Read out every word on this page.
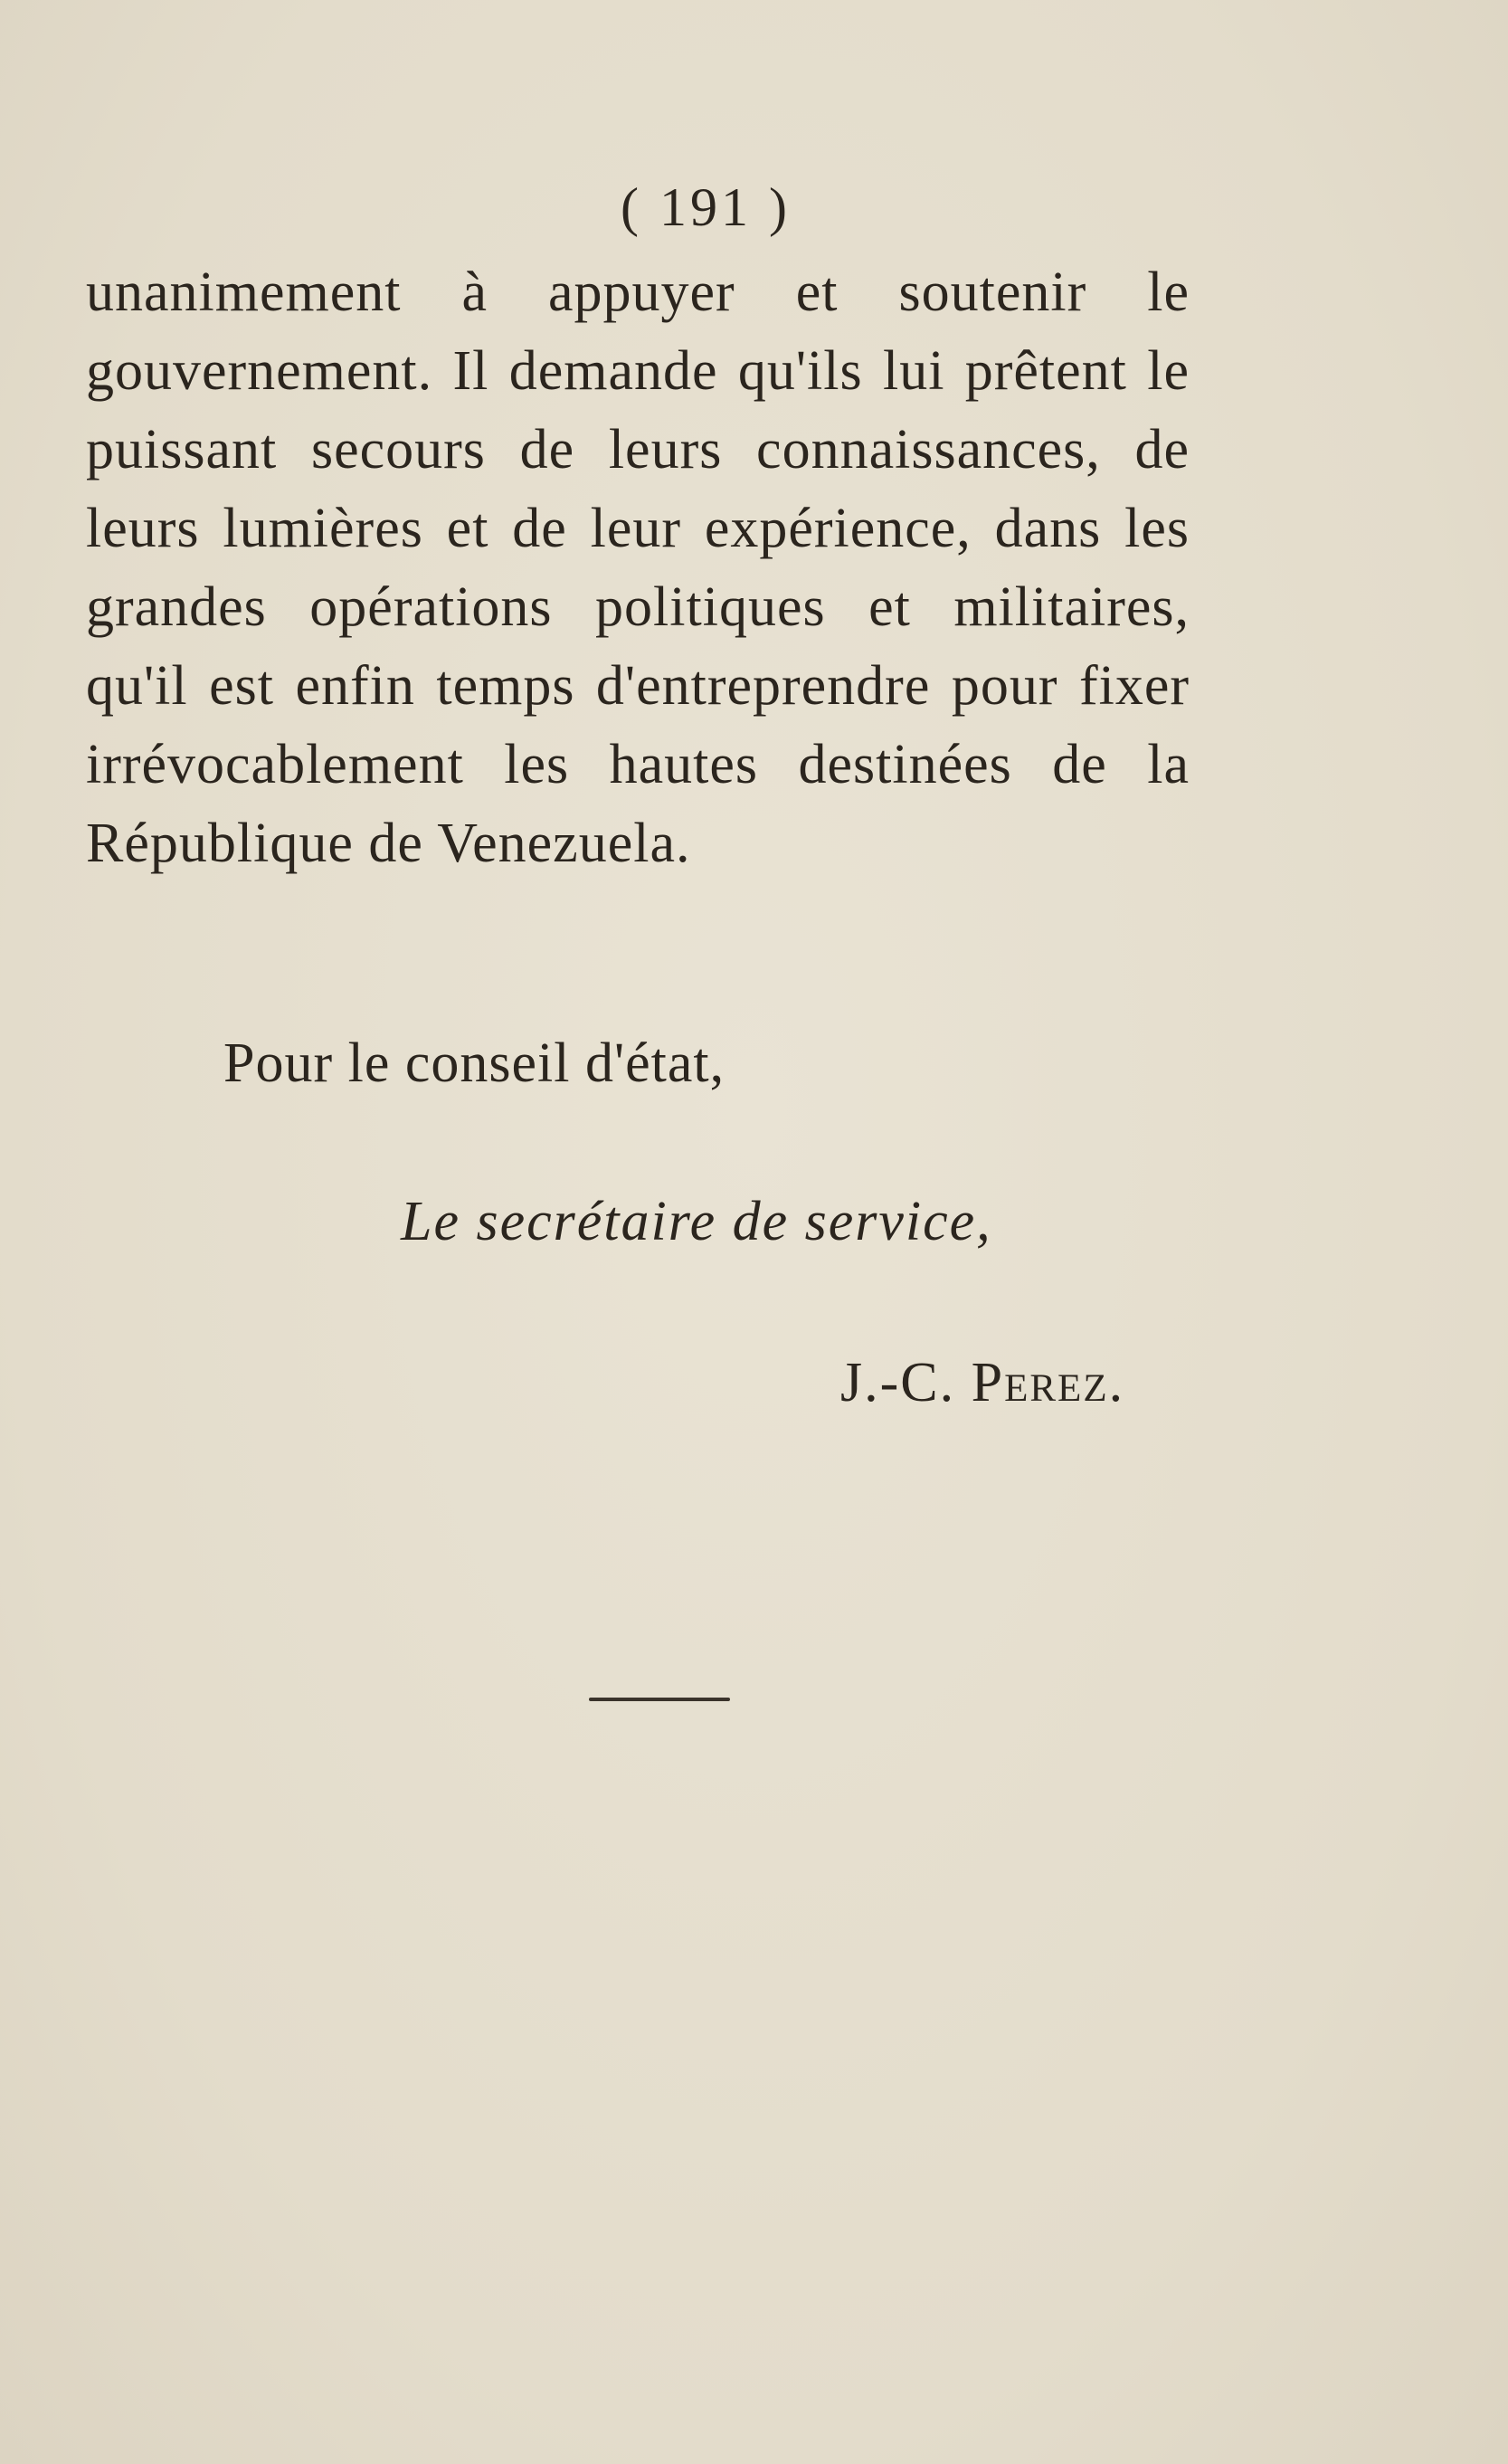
( 191 )

unanimement à appuyer et soutenir le gouvernement. Il demande qu'ils lui prêtent le puissant secours de leurs connaissances, de leurs lumières et de leur expérience, dans les grandes opérations politiques et militaires, qu'il est enfin temps d'entreprendre pour fixer irrévocablement les hautes destinées de la République de Venezuela.

Pour le conseil d'état,
Le secrétaire de service,
J.-C. Perez.
